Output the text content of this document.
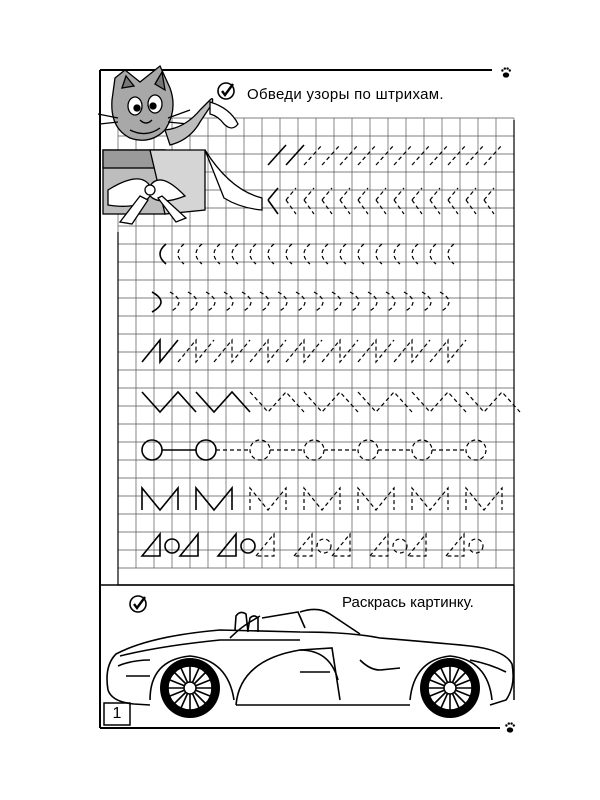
Обведи узоры по штрихам.
Раскрась картинку.
1
